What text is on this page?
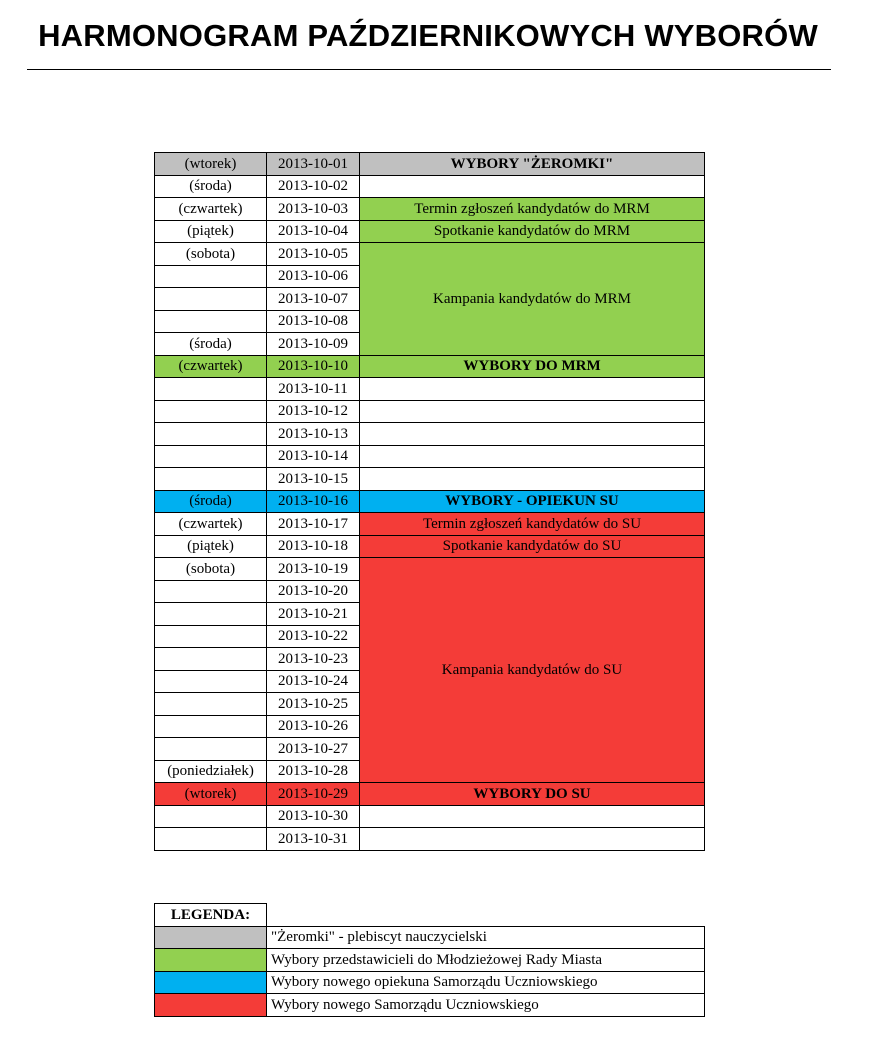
HARMONOGRAM PAŹDZIERNIKOWYCH WYBORÓW
(wtorek)	2013-10-01	WYBORY "ŻEROMKI"
(środa)	2013-10-02	
(czwartek)	2013-10-03	Termin zgłoszeń kandydatów do MRM
(piątek)	2013-10-04	Spotkanie kandydatów do MRM
(sobota)	2013-10-05	Kampania kandydatów do MRM
	2013-10-06	
	2013-10-07	
	2013-10-08	
(środa)	2013-10-09	
(czwartek)	2013-10-10	WYBORY DO MRM
	2013-10-11	
	2013-10-12	
	2013-10-13	
	2013-10-14	
	2013-10-15	
(środa)	2013-10-16	WYBORY - OPIEKUN SU
(czwartek)	2013-10-17	Termin zgłoszeń kandydatów do SU
(piątek)	2013-10-18	Spotkanie kandydatów do SU
(sobota)	2013-10-19	Kampania kandydatów do SU
	2013-10-20	
	2013-10-21	
	2013-10-22	
	2013-10-23	
	2013-10-24	
	2013-10-25	
	2013-10-26	
	2013-10-27	
(poniedziałek)	2013-10-28	
(wtorek)	2013-10-29	WYBORY DO SU
	2013-10-30	
	2013-10-31	
LEGENDA:	
	"Żeromki" - plebiscyt nauczycielski
	Wybory przedstawicieli do Młodzieżowej Rady Miasta
	Wybory nowego opiekuna Samorządu Uczniowskiego
	Wybory nowego Samorządu Uczniowskiego
